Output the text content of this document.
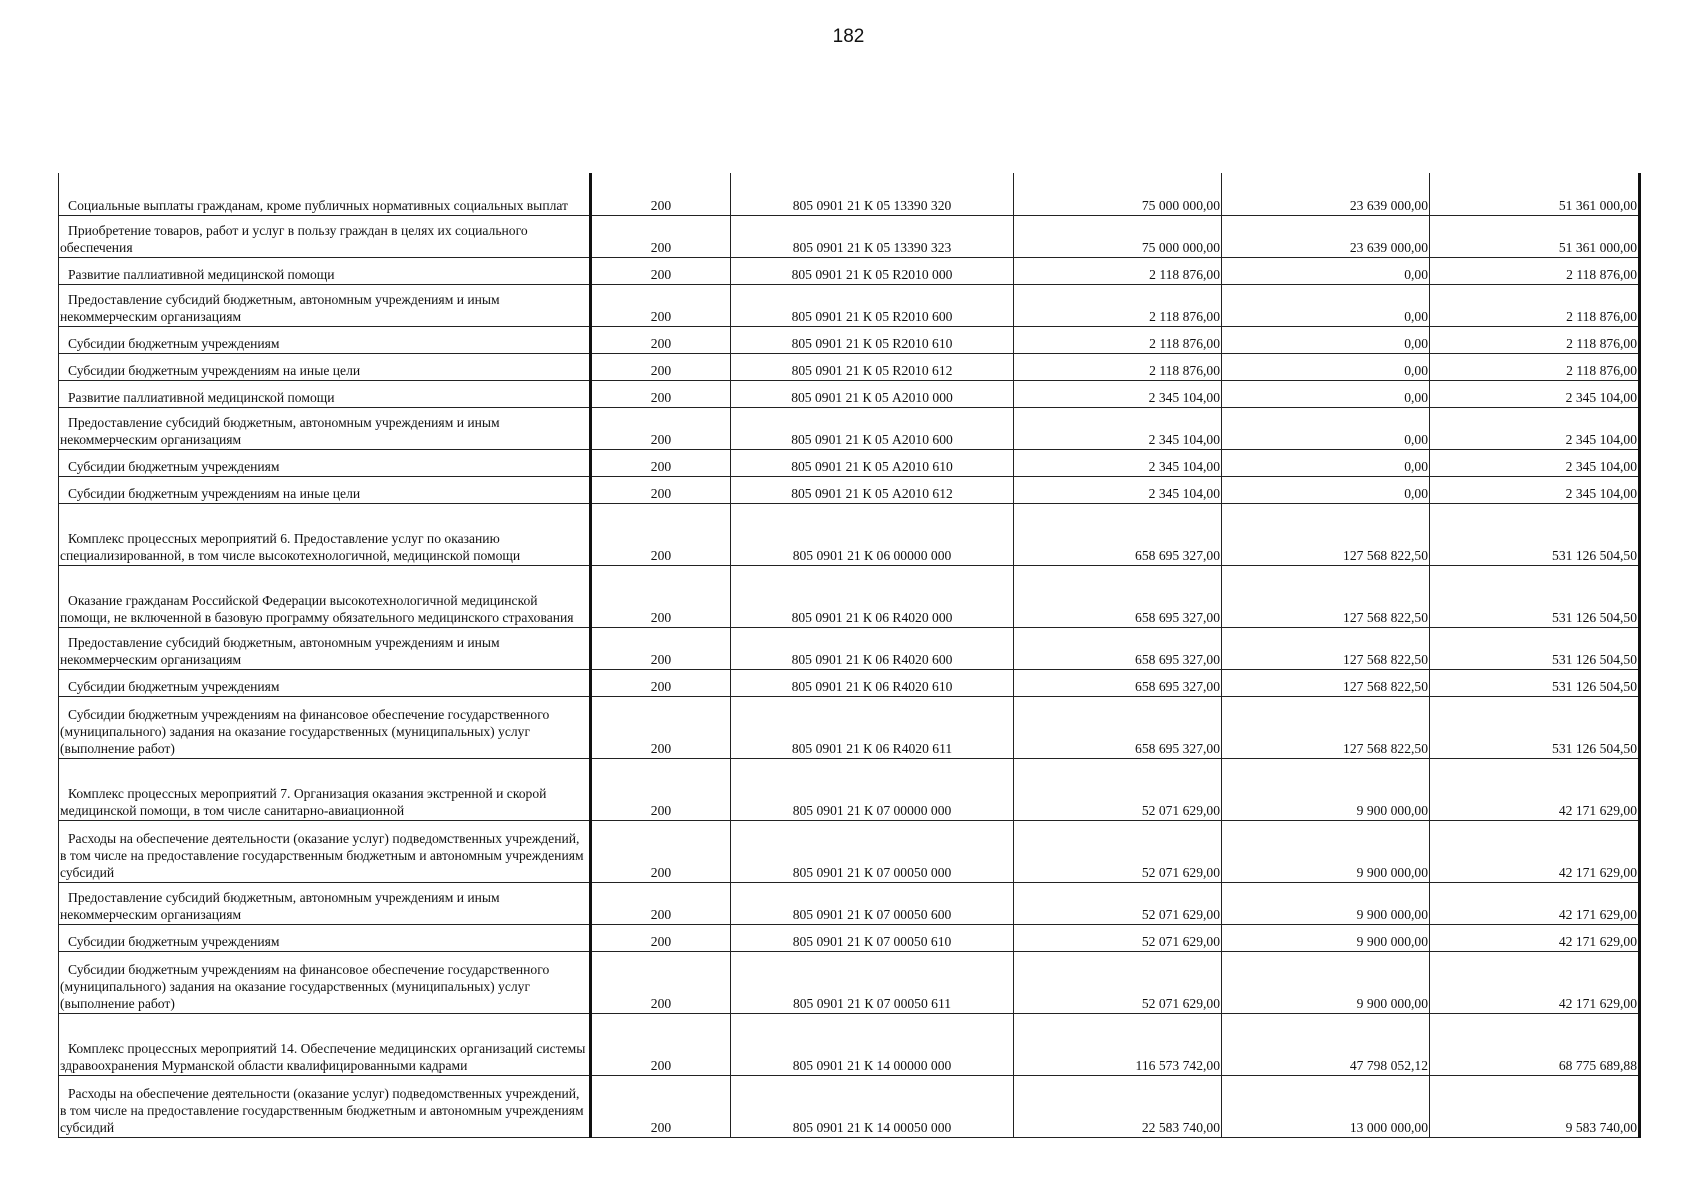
182
Социальные выплаты гражданам, кроме публичных нормативных социальных выплат	200	805 0901 21 К 05 13390 320	75 000 000,00	23 639 000,00	51 361 000,00
Приобретение товаров, работ и услуг в пользу граждан в целях их социального обеспечения	200	805 0901 21 К 05 13390 323	75 000 000,00	23 639 000,00	51 361 000,00
Развитие паллиативной медицинской помощи	200	805 0901 21 К 05 R2010 000	2 118 876,00	0,00	2 118 876,00
Предоставление субсидий бюджетным, автономным учреждениям и иным некоммерческим организациям	200	805 0901 21 К 05 R2010 600	2 118 876,00	0,00	2 118 876,00
Субсидии бюджетным учреждениям	200	805 0901 21 К 05 R2010 610	2 118 876,00	0,00	2 118 876,00
Субсидии бюджетным учреждениям на иные цели	200	805 0901 21 К 05 R2010 612	2 118 876,00	0,00	2 118 876,00
Развитие паллиативной медицинской помощи	200	805 0901 21 К 05 А2010 000	2 345 104,00	0,00	2 345 104,00
Предоставление субсидий бюджетным, автономным учреждениям и иным некоммерческим организациям	200	805 0901 21 К 05 А2010 600	2 345 104,00	0,00	2 345 104,00
Субсидии бюджетным учреждениям	200	805 0901 21 К 05 А2010 610	2 345 104,00	0,00	2 345 104,00
Субсидии бюджетным учреждениям на иные цели	200	805 0901 21 К 05 А2010 612	2 345 104,00	0,00	2 345 104,00
Комплекс процессных мероприятий 6. Предоставление услуг по оказанию специализированной, в том числе высокотехнологичной, медицинской помощи	200	805 0901 21 К 06 00000 000	658 695 327,00	127 568 822,50	531 126 504,50
Оказание гражданам Российской Федерации высокотехнологичной медицинской помощи, не включенной в базовую программу обязательного медицинского страхования	200	805 0901 21 К 06 R4020 000	658 695 327,00	127 568 822,50	531 126 504,50
Предоставление субсидий бюджетным, автономным учреждениям и иным некоммерческим организациям	200	805 0901 21 К 06 R4020 600	658 695 327,00	127 568 822,50	531 126 504,50
Субсидии бюджетным учреждениям	200	805 0901 21 К 06 R4020 610	658 695 327,00	127 568 822,50	531 126 504,50
Субсидии бюджетным учреждениям на финансовое обеспечение государственного (муниципального) задания на оказание государственных (муниципальных) услуг (выполнение работ)	200	805 0901 21 К 06 R4020 611	658 695 327,00	127 568 822,50	531 126 504,50
Комплекс процессных мероприятий 7. Организация оказания экстренной и скорой медицинской помощи, в том числе санитарно-авиационной	200	805 0901 21 К 07 00000 000	52 071 629,00	9 900 000,00	42 171 629,00
Расходы на обеспечение деятельности (оказание услуг) подведомственных учреждений, в том числе на предоставление государственным бюджетным и автономным учреждениям субсидий	200	805 0901 21 К 07 00050 000	52 071 629,00	9 900 000,00	42 171 629,00
Предоставление субсидий бюджетным, автономным учреждениям и иным некоммерческим организациям	200	805 0901 21 К 07 00050 600	52 071 629,00	9 900 000,00	42 171 629,00
Субсидии бюджетным учреждениям	200	805 0901 21 К 07 00050 610	52 071 629,00	9 900 000,00	42 171 629,00
Субсидии бюджетным учреждениям на финансовое обеспечение государственного (муниципального) задания на оказание государственных (муниципальных) услуг (выполнение работ)	200	805 0901 21 К 07 00050 611	52 071 629,00	9 900 000,00	42 171 629,00
Комплекс процессных мероприятий 14. Обеспечение медицинских организаций системы здравоохранения Мурманской области квалифицированными кадрами	200	805 0901 21 К 14 00000 000	116 573 742,00	47 798 052,12	68 775 689,88
Расходы на обеспечение деятельности (оказание услуг) подведомственных учреждений, в том числе на предоставление государственным бюджетным и автономным учреждениям субсидий	200	805 0901 21 К 14 00050 000	22 583 740,00	13 000 000,00	9 583 740,00
